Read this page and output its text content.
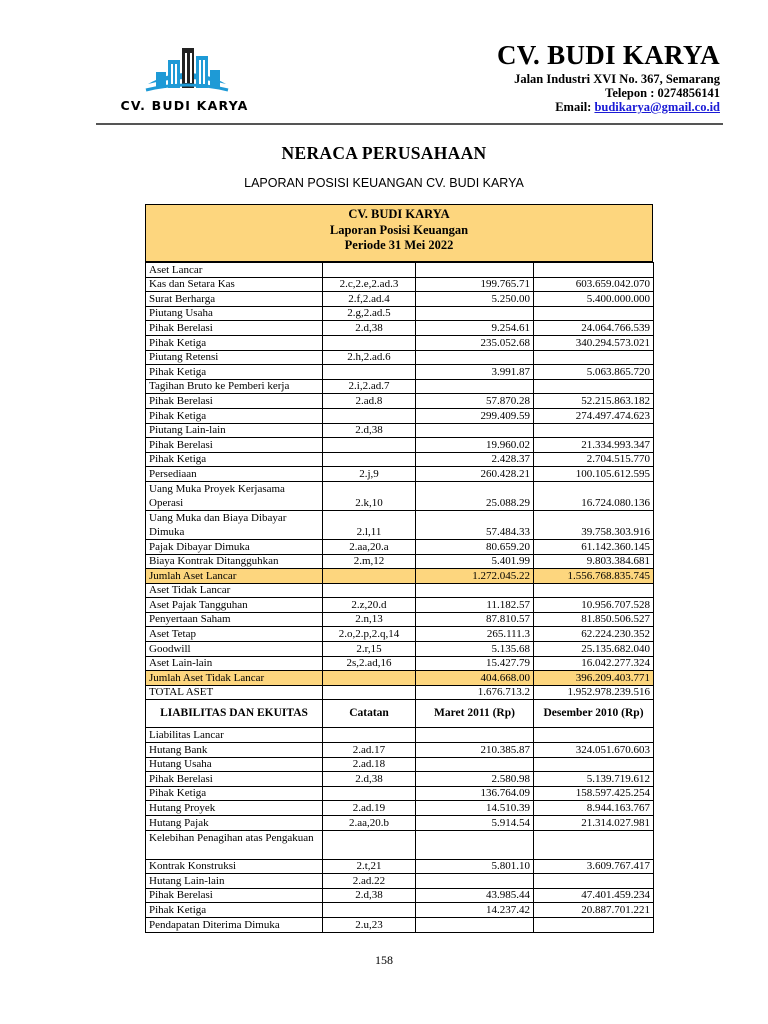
CV. BUDI KARYA
CV. BUDI KARYA
Jalan Industri XVI No. 367, Semarang
Telepon : 0274856141
Email: budikarya@gmail.co.id
NERACA PERUSAHAAN
LAPORAN POSISI KEUANGAN CV. BUDI KARYA
CV. BUDI KARYA
Laporan Posisi Keuangan
Periode 31 Mei 2022
Aset Lancar			
Kas dan Setara Kas	2.c,2.e,2.ad.3	199.765.71	603.659.042.070
Surat Berharga	2.f,2.ad.4	5.250.00	5.400.000.000
Piutang Usaha	2.g,2.ad.5		
Pihak Berelasi	2.d,38	9.254.61	24.064.766.539
Pihak Ketiga		235.052.68	340.294.573.021
Piutang Retensi	2.h,2.ad.6		
Pihak Ketiga		3.991.87	5.063.865.720
Tagihan Bruto ke Pemberi kerja	2.i,2.ad.7		
Pihak Berelasi	2.ad.8	57.870.28	52.215.863.182
Pihak Ketiga		299.409.59	274.497.474.623
Piutang Lain-lain	2.d,38		
Pihak Berelasi		19.960.02	21.334.993.347
Pihak Ketiga		2.428.37	2.704.515.770
Persediaan	2.j,9	260.428.21	100.105.612.595
Uang Muka Proyek Kerjasama Operasi	2.k,10	25.088.29	16.724.080.136
Uang Muka dan Biaya Dibayar Dimuka	2.l,11	57.484.33	39.758.303.916
Pajak Dibayar Dimuka	2.aa,20.a	80.659.20	61.142.360.145
Biaya Kontrak Ditangguhkan	2.m,12	5.401.99	9.803.384.681
Jumlah Aset Lancar		1.272.045.22	1.556.768.835.745
Aset Tidak Lancar			
Aset Pajak Tangguhan	2.z,20.d	11.182.57	10.956.707.528
Penyertaan Saham	2.n,13	87.810.57	81.850.506.527
Aset Tetap	2.o,2.p,2.q,14	265.111.3	62.224.230.352
Goodwill	2.r,15	5.135.68	25.135.682.040
Aset Lain-lain	2s,2.ad,16	15.427.79	16.042.277.324
Jumlah Aset Tidak Lancar		404.668.00	396.209.403.771
TOTAL ASET		1.676.713.2	1.952.978.239.516
LIABILITAS DAN EKUITAS	Catatan	Maret 2011 (Rp)	Desember 2010 (Rp)
Liabilitas Lancar			
Hutang Bank	2.ad.17	210.385.87	324.051.670.603
Hutang Usaha	2.ad.18		
Pihak Berelasi	2.d,38	2.580.98	5.139.719.612
Pihak Ketiga		136.764.09	158.597.425.254
Hutang Proyek	2.ad.19	14.510.39	8.944.163.767
Hutang Pajak	2.aa,20.b	5.914.54	21.314.027.981
Kelebihan Penagihan atas Pengakuan			
Kontrak Konstruksi	2.t,21	5.801.10	3.609.767.417
Hutang Lain-lain	2.ad.22		
Pihak Berelasi	2.d,38	43.985.44	47.401.459.234
Pihak Ketiga		14.237.42	20.887.701.221
Pendapatan Diterima Dimuka	2.u,23		
158
